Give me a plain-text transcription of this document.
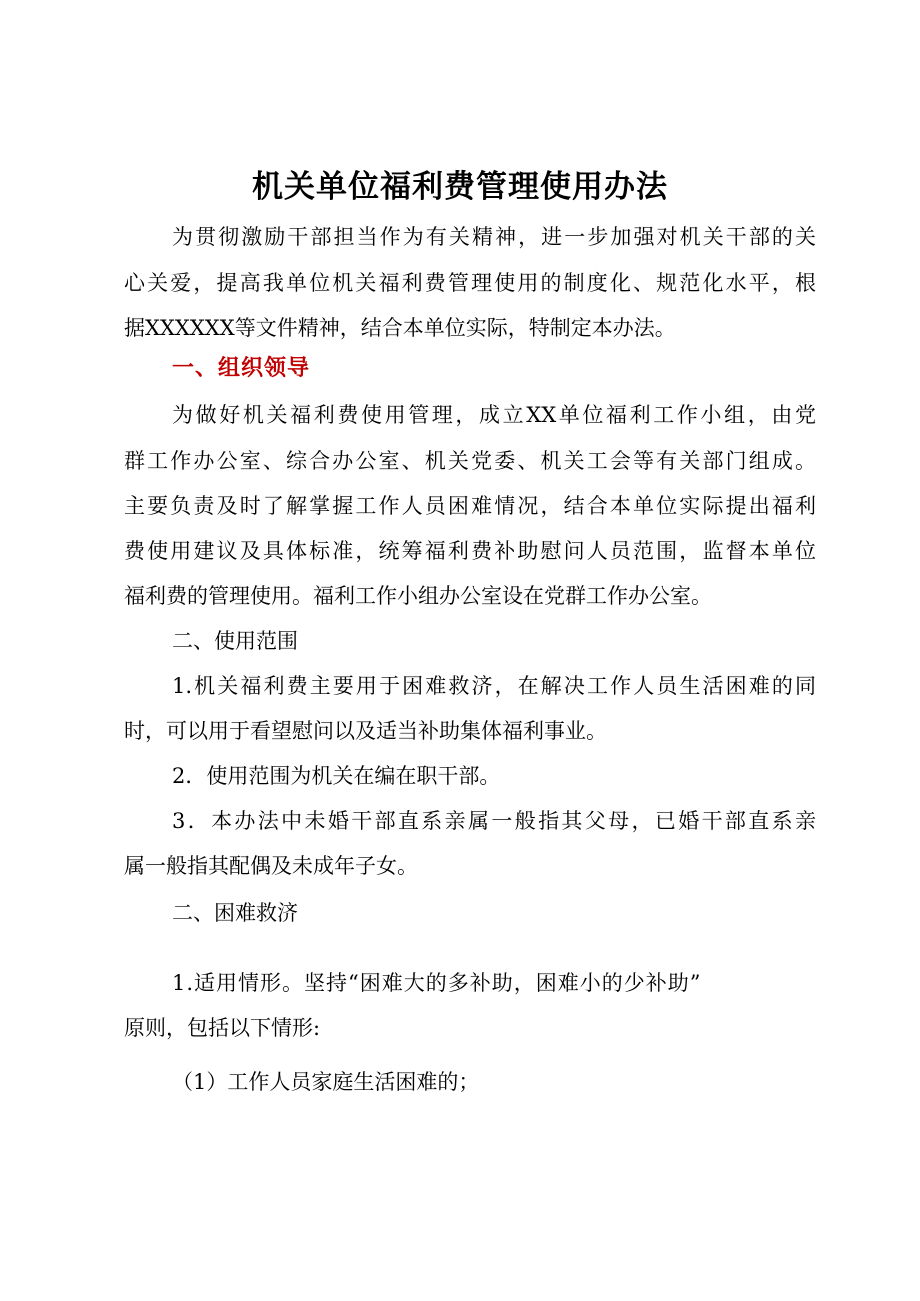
机关单位福利费管理使用办法

为贯彻激励干部担当作为有关精神，进一步加强对机关干部的关

心关爱，提高我单位机关福利费管理使用的制度化、规范化水平，根

据XXXXXX等文件精神，结合本单位实际，特制定本办法。

一、组织领导

为做好机关福利费使用管理，成立XX单位福利工作小组，由党

群工作办公室、综合办公室、机关党委、机关工会等有关部门组成。

主要负责及时了解掌握工作人员困难情况，结合本单位实际提出福利

费使用建议及具体标准，统筹福利费补助慰问人员范围，监督本单位

福利费的管理使用。福利工作小组办公室设在党群工作办公室。

二、使用范围

1.机关福利费主要用于困难救济，在解决工作人员生活困难的同

时，可以用于看望慰问以及适当补助集体福利事业。

2．使用范围为机关在编在职干部。

3．本办法中未婚干部直系亲属一般指其父母，已婚干部直系亲

属一般指其配偶及未成年子女。

二、困难救济

1.适用情形。坚持“困难大的多补助，困难小的少补助”

原则，包括以下情形:

（1）工作人员家庭生活困难的；
